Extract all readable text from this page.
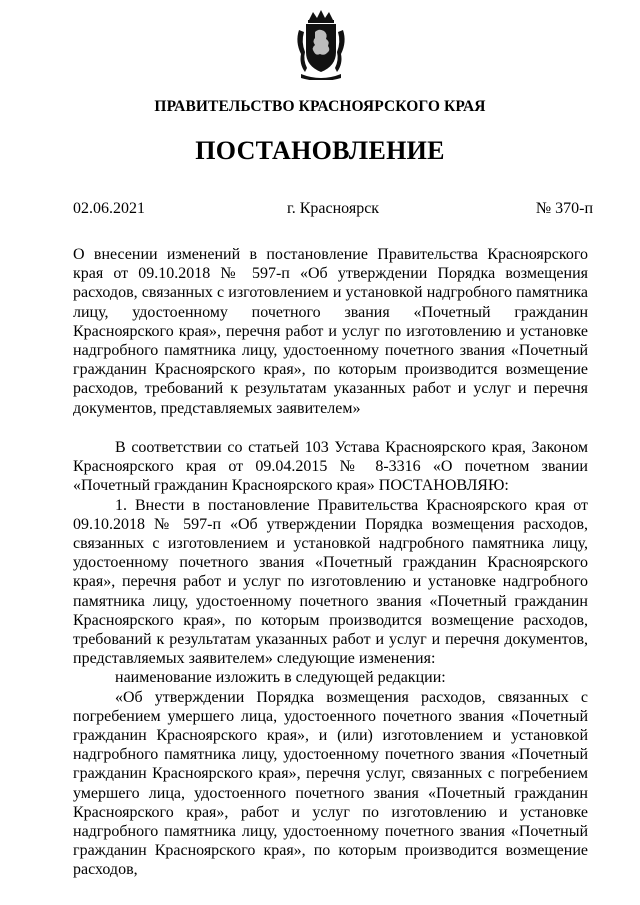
ПРАВИТЕЛЬСТВО КРАСНОЯРСКОГО КРАЯ
ПОСТАНОВЛЕНИЕ
02.06.2021	г. Красноярск	№ 370-п
О внесении изменений в постановление Правительства Красноярского края от 09.10.2018 № 597-п «Об утверждении Порядка возмещения расходов, связанных с изготовлением и установкой надгробного памятника лицу, удостоенному почетного звания «Почетный гражданин Красноярского края», перечня работ и услуг по изготовлению и установке надгробного памятника лицу, удостоенному почетного звания «Почетный гражданин Красноярского края», по которым производится возмещение расходов, требований к результатам указанных работ и услуг и перечня документов, представляемых заявителем»

В соответствии со статьей 103 Устава Красноярского края, Законом Красноярского края от 09.04.2015 № 8-3316 «О почетном звании «Почетный гражданин Красноярского края» ПОСТАНОВЛЯЮ:

1. Внести в постановление Правительства Красноярского края от 09.10.2018 № 597-п «Об утверждении Порядка возмещения расходов, связанных с изготовлением и установкой надгробного памятника лицу, удостоенному почетного звания «Почетный гражданин Красноярского края», перечня работ и услуг по изготовлению и установке надгробного памятника лицу, удостоенному почетного звания «Почетный гражданин Красноярского края», по которым производится возмещение расходов, требований к результатам указанных работ и услуг и перечня документов, представляемых заявителем» следующие изменения:

наименование изложить в следующей редакции:

«Об утверждении Порядка возмещения расходов, связанных с погребением умершего лица, удостоенного почетного звания «Почетный гражданин Красноярского края», и (или) изготовлением и установкой надгробного памятника лицу, удостоенному почетного звания «Почетный гражданин Красноярского края», перечня услуг, связанных с погребением умершего лица, удостоенного почетного звания «Почетный гражданин Красноярского края», работ и услуг по изготовлению и установке надгробного памятника лицу, удостоенному почетного звания «Почетный гражданин Красноярского края», по которым производится возмещение расходов,
